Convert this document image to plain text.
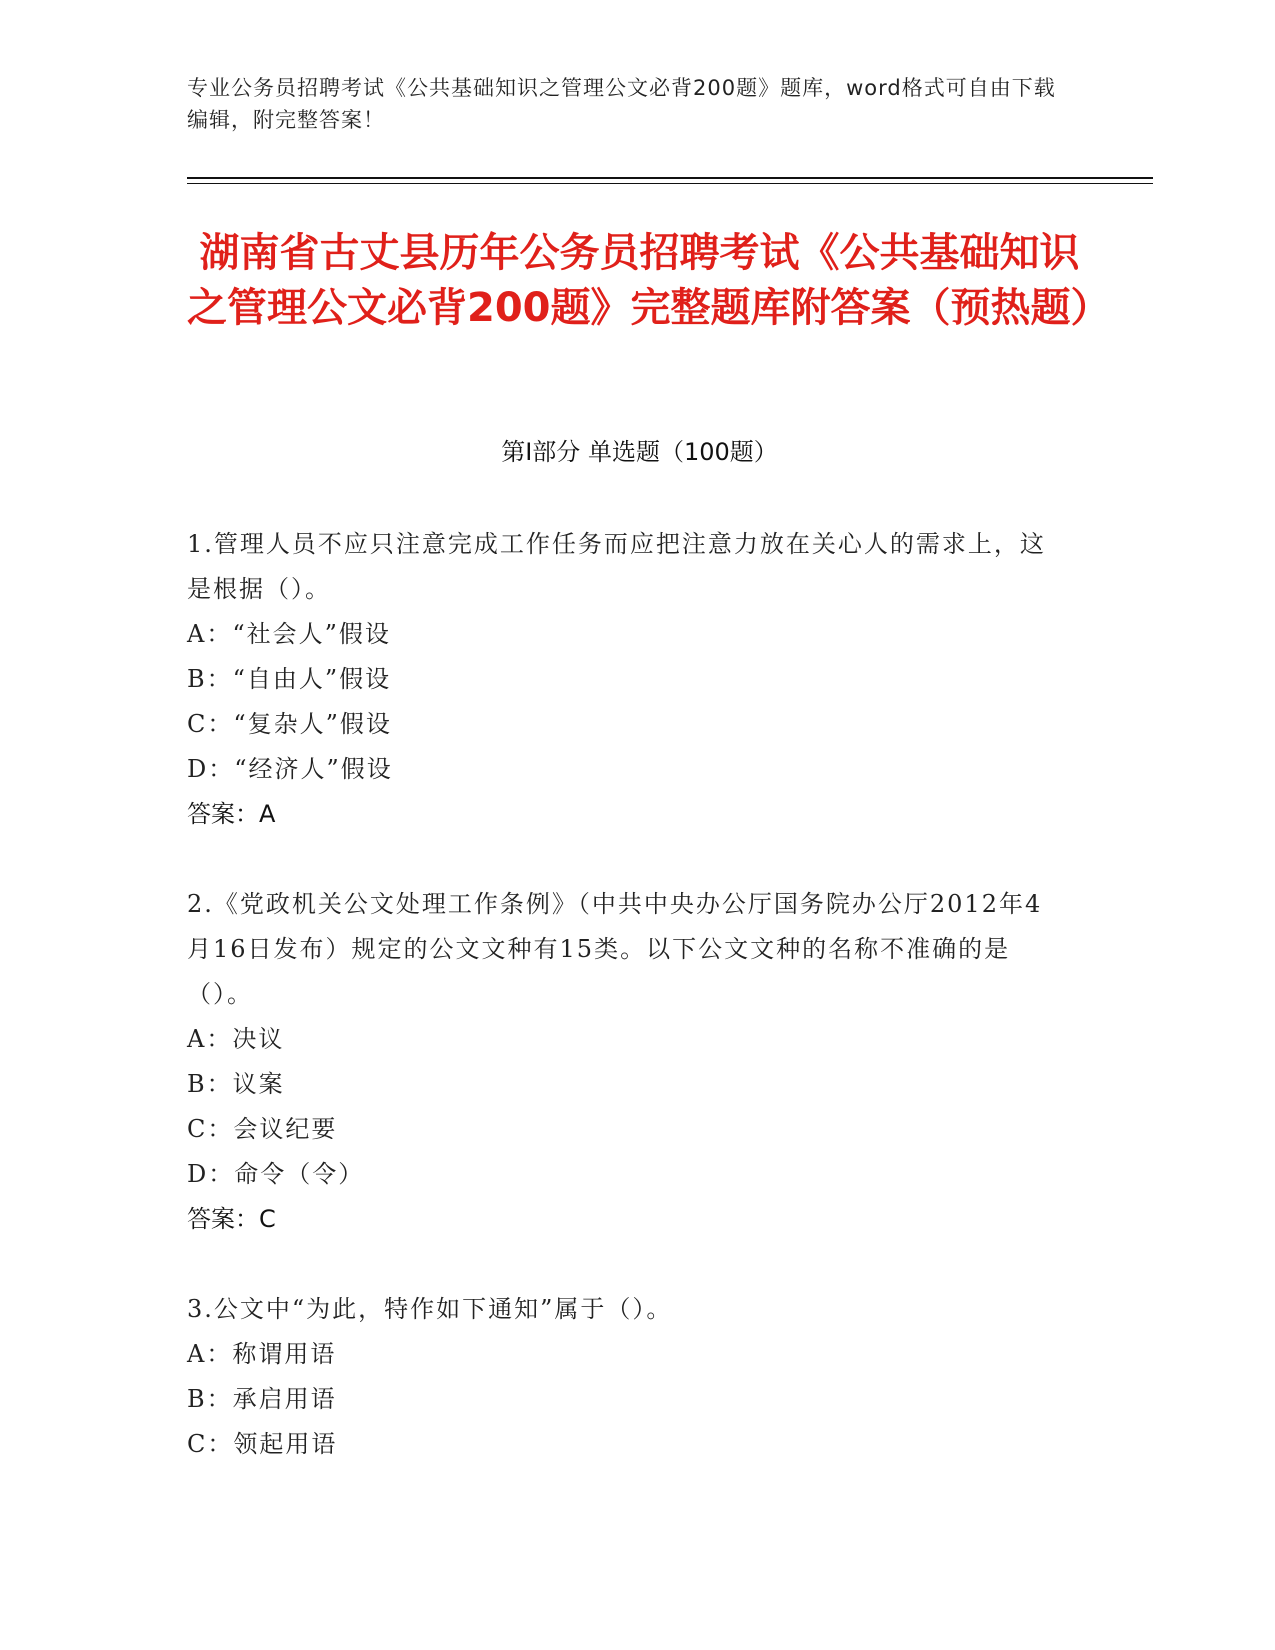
专业公务员招聘考试《公共基础知识之管理公文必背200题》题库，word格式可自由下载编辑，附完整答案！
湖南省古丈县历年公务员招聘考试《公共基础知识之管理公文必背200题》完整题库附答案（预热题）
第Ⅰ部分 单选题（100题）
1.管理人员不应只注意完成工作任务而应把注意力放在关心人的需求上，这是根据（）。
A：“社会人”假设
B：“自由人”假设
C：“复杂人”假设
D：“经济人”假设
答案：A
2.《党政机关公文处理工作条例》（中共中央办公厅国务院办公厅2012年4月16日发布）规定的公文文种有15类。以下公文文种的名称不准确的是（）。
A：决议
B：议案
C：会议纪要
D：命令（令）
答案：C
3.公文中“为此，特作如下通知”属于（）。
A：称谓用语
B：承启用语
C：领起用语
